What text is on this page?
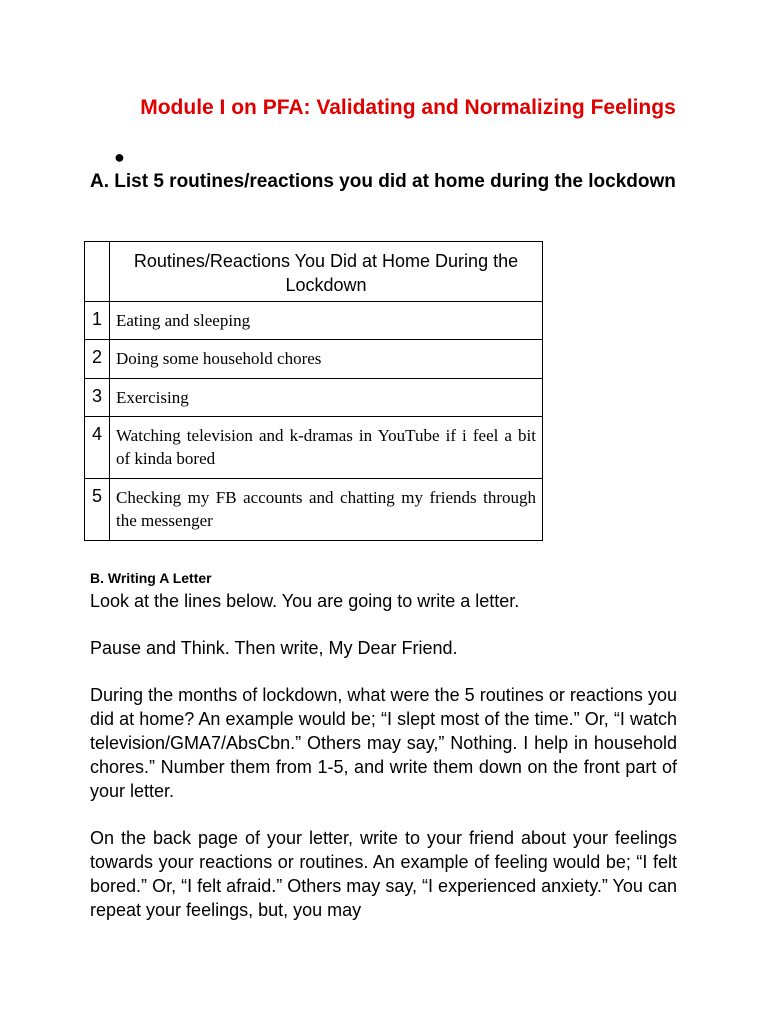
Module I on PFA: Validating and Normalizing Feelings
●

A. List 5 routines/reactions you did at home during the lockdown

	Routines/Reactions You Did at Home During the Lockdown
1	Eating and sleeping
2	Doing some household chores
3	Exercising
4	Watching television and k-dramas in YouTube if i feel a bit of kinda bored
5	Checking my FB accounts and chatting my friends through the messenger

B. Writing A Letter

Look at the lines below. You are going to write a letter.

Pause and Think. Then write, My Dear Friend.

During the months of lockdown, what were the 5 routines or reactions you did at home? An example would be; “I slept most of the time.” Or, “I watch television/GMA7/AbsCbn.” Others may say,” Nothing. I help in household chores.” Number them from 1-5, and write them down on the front part of your letter.

On the back page of your letter, write to your friend about your feelings towards your reactions or routines. An example of feeling would be; “I felt bored.” Or, “I felt afraid.” Others may say, “I experienced anxiety.” You can repeat your feelings, but, you may
